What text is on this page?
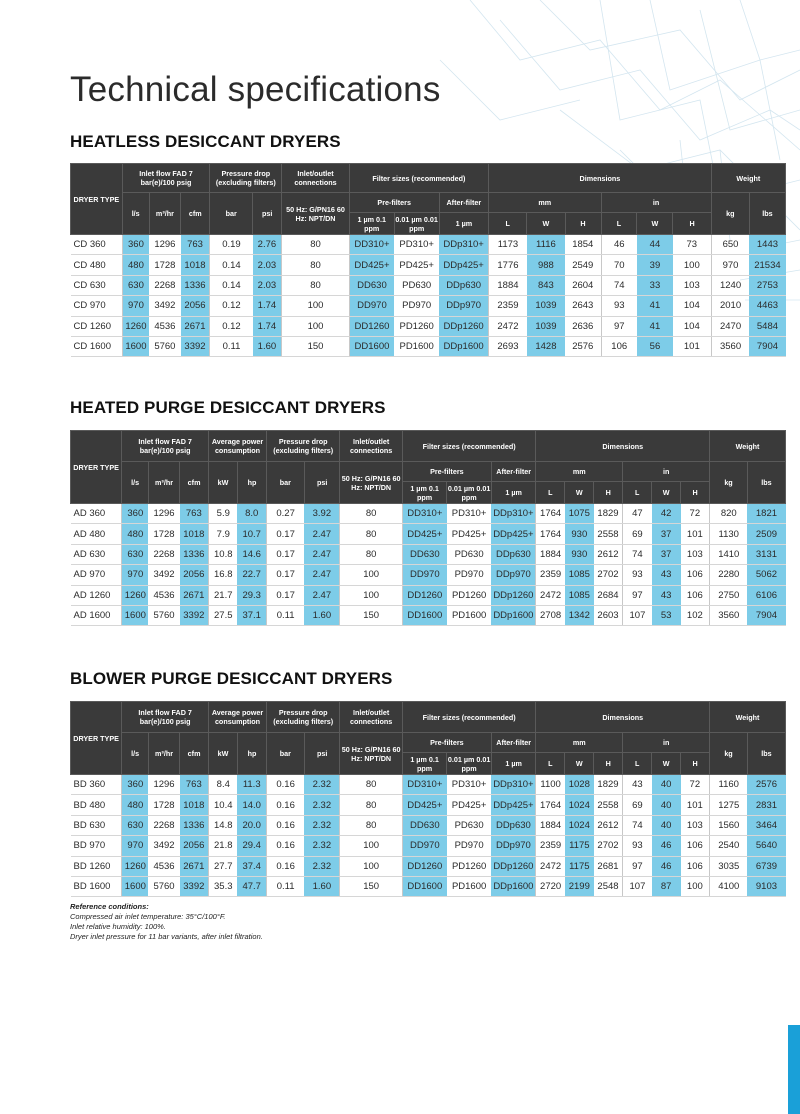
Technical specifications
HEATLESS DESICCANT DRYERS
DRYER TYPE	Inlet flow FAD 7 bar(e)/100 psig			Pressure drop (excluding filters)		Inlet/outlet connections	Filter sizes (recommended)			Dimensions						Weight	
	l/s	m³/hr	cfm	bar	psi	50 Hz: G/PN16 60 Hz: NPT/DN	Pre-filters		After-filter	mm			in			kg	lbs
							1 µm 0.1 ppm	0.01 µm 0.01 ppm	1 µm	L	W	H	L	W	H		
CD 360	360	1296	763	0.19	2.76	80	DD310+	PD310+	DDp310+	1173	1116	1854	46	44	73	650	1443
CD 480	480	1728	1018	0.14	2.03	80	DD425+	PD425+	DDp425+	1776	988	2549	70	39	100	970	21534
CD 630	630	2268	1336	0.14	2.03	80	DD630	PD630	DDp630	1884	843	2604	74	33	103	1240	2753
CD 970	970	3492	2056	0.12	1.74	100	DD970	PD970	DDp970	2359	1039	2643	93	41	104	2010	4463
CD 1260	1260	4536	2671	0.12	1.74	100	DD1260	PD1260	DDp1260	2472	1039	2636	97	41	104	2470	5484
CD 1600	1600	5760	3392	0.11	1.60	150	DD1600	PD1600	DDp1600	2693	1428	2576	106	56	101	3560	7904
HEATED PURGE DESICCANT DRYERS
DRYER TYPE	Inlet flow FAD 7 bar(e)/100 psig			Average power consumption		Pressure drop (excluding filters)		Inlet/outlet connections	Filter sizes (recommended)			Dimensions						Weight	
	l/s	m³/hr	cfm	kW	hp	bar	psi	50 Hz: G/PN16 60 Hz: NPT/DN	Pre-filters		After-filter	mm			in			kg	lbs
									1 µm 0.1 ppm	0.01 µm 0.01 ppm	1 µm	L	W	H	L	W	H		
AD 360	360	1296	763	5.9	8.0	0.27	3.92	80	DD310+	PD310+	DDp310+	1764	1075	1829	47	42	72	820	1821
AD 480	480	1728	1018	7.9	10.7	0.17	2.47	80	DD425+	PD425+	DDp425+	1764	930	2558	69	37	101	1130	2509
AD 630	630	2268	1336	10.8	14.6	0.17	2.47	80	DD630	PD630	DDp630	1884	930	2612	74	37	103	1410	3131
AD 970	970	3492	2056	16.8	22.7	0.17	2.47	100	DD970	PD970	DDp970	2359	1085	2702	93	43	106	2280	5062
AD 1260	1260	4536	2671	21.7	29.3	0.17	2.47	100	DD1260	PD1260	DDp1260	2472	1085	2684	97	43	106	2750	6106
AD 1600	1600	5760	3392	27.5	37.1	0.11	1.60	150	DD1600	PD1600	DDp1600	2708	1342	2603	107	53	102	3560	7904
BLOWER PURGE DESICCANT DRYERS
DRYER TYPE	Inlet flow FAD 7 bar(e)/100 psig			Average power consumption		Pressure drop (excluding filters)		Inlet/outlet connections	Filter sizes (recommended)			Dimensions						Weight	
	l/s	m³/hr	cfm	kW	hp	bar	psi	50 Hz: G/PN16 60 Hz: NPT/DN	Pre-filters		After-filter	mm			in			kg	lbs
									1 µm 0.1 ppm	0.01 µm 0.01 ppm	1 µm	L	W	H	L	W	H		
BD 360	360	1296	763	8.4	11.3	0.16	2.32	80	DD310+	PD310+	DDp310+	1100	1028	1829	43	40	72	1160	2576
BD 480	480	1728	1018	10.4	14.0	0.16	2.32	80	DD425+	PD425+	DDp425+	1764	1024	2558	69	40	101	1275	2831
BD 630	630	2268	1336	14.8	20.0	0.16	2.32	80	DD630	PD630	DDp630	1884	1024	2612	74	40	103	1560	3464
BD 970	970	3492	2056	21.8	29.4	0.16	2.32	100	DD970	PD970	DDp970	2359	1175	2702	93	46	106	2540	5640
BD 1260	1260	4536	2671	27.7	37.4	0.16	2.32	100	DD1260	PD1260	DDp1260	2472	1175	2681	97	46	106	3035	6739
BD 1600	1600	5760	3392	35.3	47.7	0.11	1.60	150	DD1600	PD1600	DDp1600	2720	2199	2548	107	87	100	4100	9103
Reference conditions:
Compressed air inlet temperature: 35°C/100°F.
Inlet relative humidity: 100%.
Dryer inlet pressure for 11 bar variants, after inlet filtration.
